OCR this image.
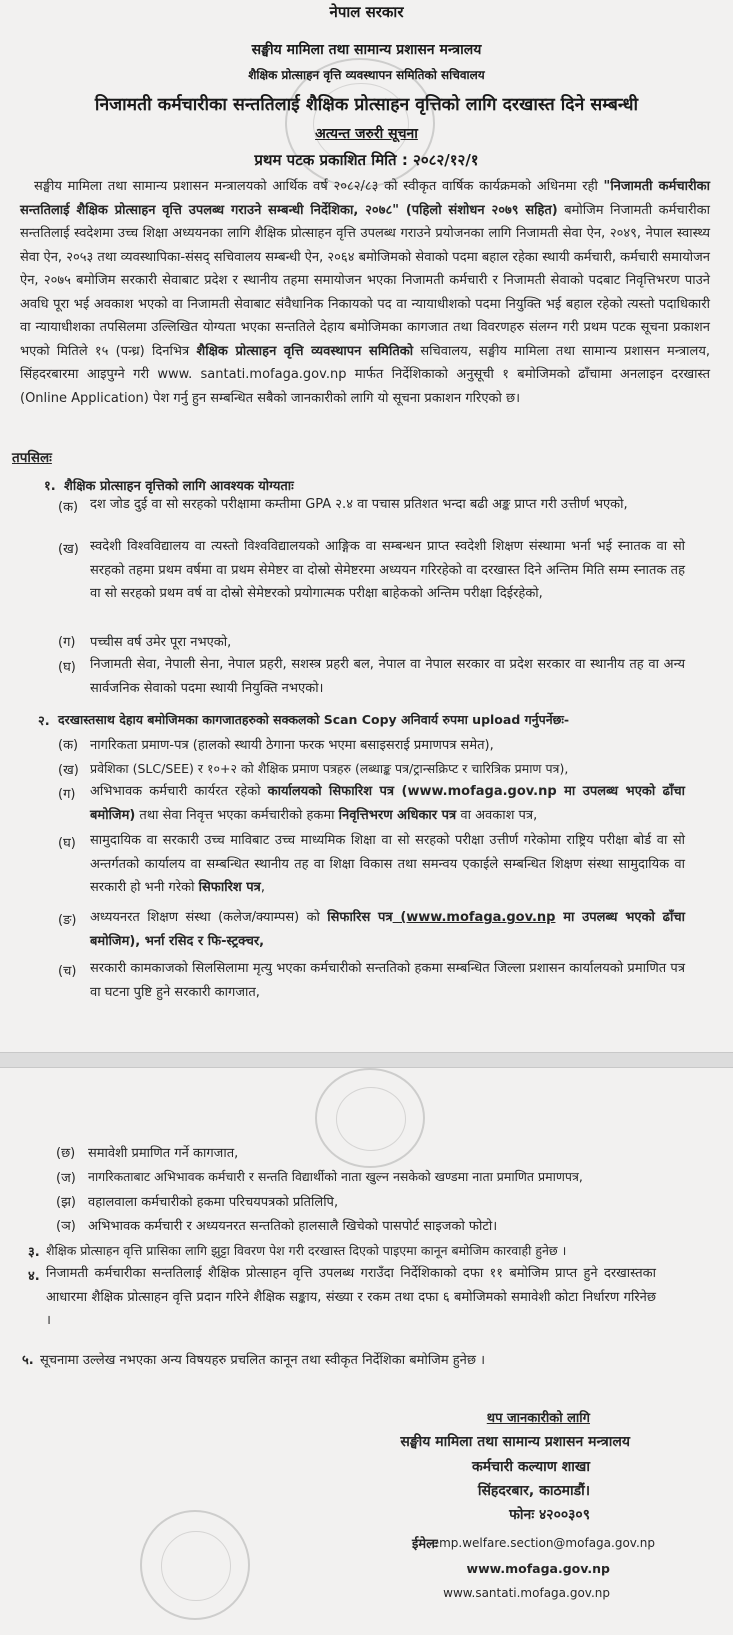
नेपाल सरकार
सङ्घीय मामिला तथा सामान्य प्रशासन मन्त्रालय
शैक्षिक प्रोत्साहन वृत्ति व्यवस्थापन समितिको सचिवालय
निजामती कर्मचारीका सन्ततिलाई शैक्षिक प्रोत्साहन वृत्तिको लागि दरखास्त दिने सम्बन्धी
अत्यन्त जरुरी सूचना
प्रथम पटक प्रकाशित मिति : २०८२/१२/१
सङ्घीय मामिला तथा सामान्य प्रशासन मन्त्रालयको आर्थिक वर्ष २०८२/८३ को स्वीकृत वार्षिक कार्यक्रमको अधिनमा रही "निजामती कर्मचारीका सन्ततिलाई शैक्षिक प्रोत्साहन वृत्ति उपलब्ध गराउने सम्बन्धी निर्देशिका, २०७८" (पहिलो संशोधन २०७९ सहित) बमोजिम निजामती कर्मचारीका सन्ततिलाई स्वदेशमा उच्च शिक्षा अध्ययनका लागि शैक्षिक प्रोत्साहन वृत्ति उपलब्ध गराउने प्रयोजनका लागि निजामती सेवा ऐन, २०४९, नेपाल स्वास्थ्य सेवा ऐन, २०५३ तथा व्यवस्थापिका-संसद् सचिवालय सम्बन्धी ऐन, २०६४ बमोजिमको सेवाको पदमा बहाल रहेका स्थायी कर्मचारी, कर्मचारी समायोजन ऐन, २०७५ बमोजिम सरकारी सेवाबाट प्रदेश र स्थानीय तहमा समायोजन भएका निजामती कर्मचारी र निजामती सेवाको पदबाट निवृत्तिभरण पाउने अवधि पूरा भई अवकाश भएको वा निजामती सेवाबाट संवैधानिक निकायको पद वा न्यायाधीशको पदमा नियुक्ति भई बहाल रहेको त्यस्तो पदाधिकारी वा न्यायाधीशका तपसिलमा उल्लिखित योग्यता भएका सन्ततिले देहाय बमोजिमका कागजात तथा विवरणहरु संलग्न गरी प्रथम पटक सूचना प्रकाशन भएको मितिले १५ (पन्ध्र) दिनभित्र शैक्षिक प्रोत्साहन वृत्ति व्यवस्थापन समितिको सचिवालय, सङ्घीय मामिला तथा सामान्य प्रशासन मन्त्रालय, सिंहदरबारमा आइपुग्ने गरी www. santati.mofaga.gov.np मार्फत निर्देशिकाको अनुसूची १ बमोजिमको ढाँचामा अनलाइन दरखास्त (Online Application) पेश गर्नु हुन सम्बन्धित सबैको जानकारीको लागि यो सूचना प्रकाशन गरिएको छ।
तपसिलः
१. शैक्षिक प्रोत्साहन वृत्तिको लागि आवश्यक योग्यताः
(क) दश जोड दुई वा सो सरहको परीक्षामा कम्तीमा GPA २.४ वा पचास प्रतिशत भन्दा बढी अङ्क प्राप्त गरी उत्तीर्ण भएको,
(ख) स्वदेशी विश्वविद्यालय वा त्यस्तो विश्वविद्यालयको आङ्गिक वा सम्बन्धन प्राप्त स्वदेशी शिक्षण संस्थामा भर्ना भई स्नातक वा सो सरहको तहमा प्रथम वर्षमा वा प्रथम सेमेष्टर वा दोस्रो सेमेष्टरमा अध्ययन गरिरहेको वा दरखास्त दिने अन्तिम मिति सम्म स्नातक तह वा सो सरहको प्रथम वर्ष वा दोस्रो सेमेष्टरको प्रयोगात्मक परीक्षा बाहेकको अन्तिम परीक्षा दिईरहेको,
(ग) पच्चीस वर्ष उमेर पूरा नभएको,
(घ) निजामती सेवा, नेपाली सेना, नेपाल प्रहरी, सशस्त्र प्रहरी बल, नेपाल वा नेपाल सरकार वा प्रदेश सरकार वा स्थानीय तह वा अन्य सार्वजनिक सेवाको पदमा स्थायी नियुक्ति नभएको।
२. दरखास्तसाथ देहाय बमोजिमका कागजातहरुको सक्कलको Scan Copy अनिवार्य रुपमा upload गर्नुपर्नेछः-
(क) नागरिकता प्रमाण-पत्र (हालको स्थायी ठेगाना फरक भएमा बसाइसराई प्रमाणपत्र समेत),
(ख) प्रवेशिका (SLC/SEE) र १०+२ को शैक्षिक प्रमाण पत्रहरु (लब्धाङ्क पत्र/ट्रान्सक्रिप्ट र चारित्रिक प्रमाण पत्र),
(ग) अभिभावक कर्मचारी कार्यरत रहेको कार्यालयको सिफारिश पत्र (www.mofaga.gov.np मा उपलब्ध भएको ढाँचा बमोजिम) तथा सेवा निवृत्त भएका कर्मचारीको हकमा निवृत्तिभरण अधिकार पत्र वा अवकाश पत्र,
(घ) सामुदायिक वा सरकारी उच्च माविबाट उच्च माध्यमिक शिक्षा वा सो सरहको परीक्षा उत्तीर्ण गरेकोमा राष्ट्रिय परीक्षा बोर्ड वा सो अन्तर्गतको कार्यालय वा सम्बन्धित स्थानीय तह वा शिक्षा विकास तथा समन्वय एकाईले सम्बन्धित शिक्षण संस्था सामुदायिक वा सरकारी हो भनी गरेको सिफारिश पत्र,
(ङ) अध्ययनरत शिक्षण संस्था (कलेज/क्याम्पस) को सिफारिस पत्र (www.mofaga.gov.np मा उपलब्ध भएको ढाँचा बमोजिम), भर्ना रसिद र फि-स्ट्रक्चर,
(च) सरकारी कामकाजको सिलसिलामा मृत्यु भएका कर्मचारीको सन्ततिको हकमा सम्बन्धित जिल्ला प्रशासन कार्यालयको प्रमाणित पत्र वा घटना पुष्टि हुने सरकारी कागजात,
(छ) समावेशी प्रमाणित गर्ने कागजात,
(ज) नागरिकताबाट अभिभावक कर्मचारी र सन्तति विद्यार्थीको नाता खुल्न नसकेको खण्डमा नाता प्रमाणित प्रमाणपत्र,
(झ) वहालवाला कर्मचारीको हकमा परिचयपत्रको प्रतिलिपि,
(ञ) अभिभावक कर्मचारी र अध्ययनरत सन्ततिको हालसालै खिचेको पासपोर्ट साइजको फोटो।
३. शैक्षिक प्रोत्साहन वृत्ति प्रासिका लागि झुट्टा विवरण पेश गरी दरखास्त दिएको पाइएमा कानून बमोजिम कारवाही हुनेछ ।
४. निजामती कर्मचारीका सन्ततिलाई शैक्षिक प्रोत्साहन वृत्ति उपलब्ध गराउँदा निर्देशिकाको दफा ११ बमोजिम प्राप्त हुने दरखास्तका आधारमा शैक्षिक प्रोत्साहन वृत्ति प्रदान गरिने शैक्षिक सङ्काय, संख्या र रकम तथा दफा ६ बमोजिमको समावेशी कोटा निर्धारण गरिनेछ ।
५. सूचनामा उल्लेख नभएका अन्य विषयहरु प्रचलित कानून तथा स्वीकृत निर्देशिका बमोजिम हुनेछ ।
थप जानकारीको लागि
सङ्घीय मामिला तथा सामान्य प्रशासन मन्त्रालय
कर्मचारी कल्याण शाखा
सिंहदरबार, काठमाडौं।
फोनः ४२००३०९
ईमेलः
emp.welfare.section@mofaga.gov.np
www.mofaga.gov.np
www.santati.mofaga.gov.np
